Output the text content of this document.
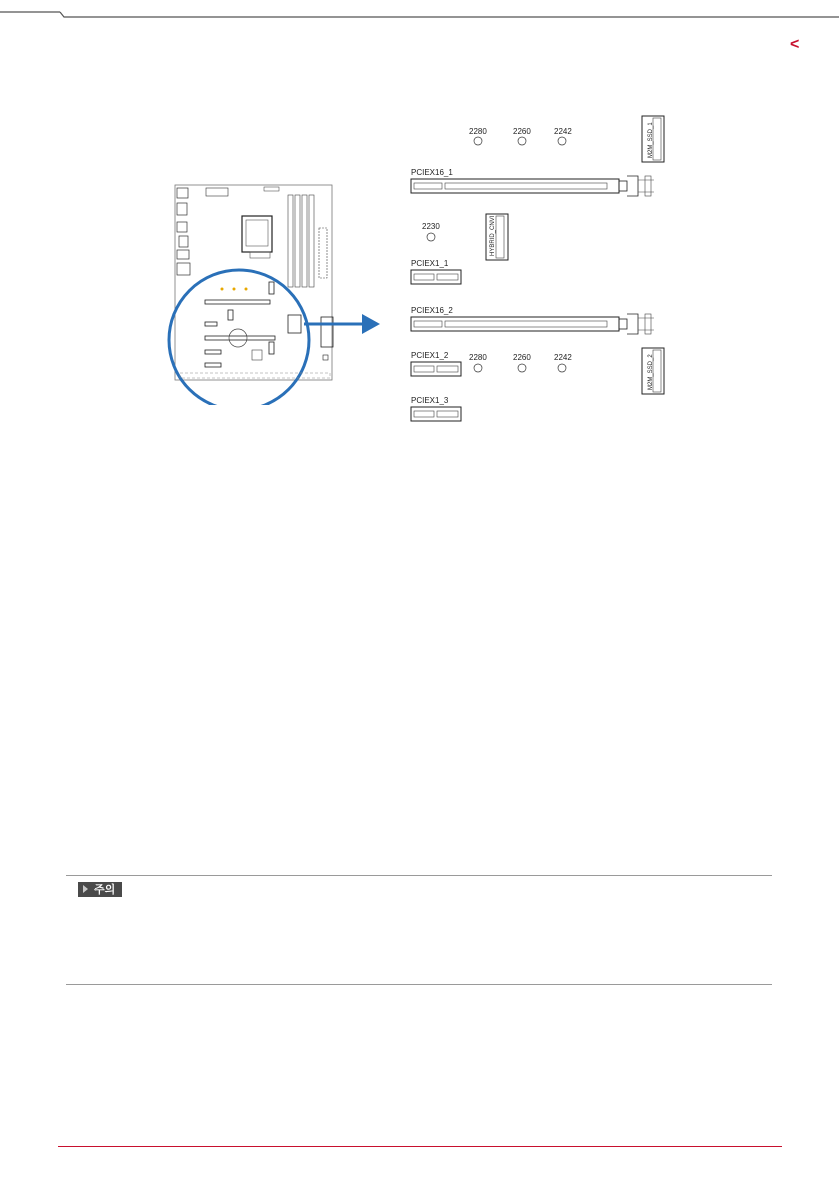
<
2280	2260	2242	M2M_SSD_1
PCIEX16_1
2230	HYBRID_CNVI
PCIEX1_1
PCIEX16_2
PCIEX1_2	2280	2260	2242	M2M_SSD_2
PCIEX1_3
주의
